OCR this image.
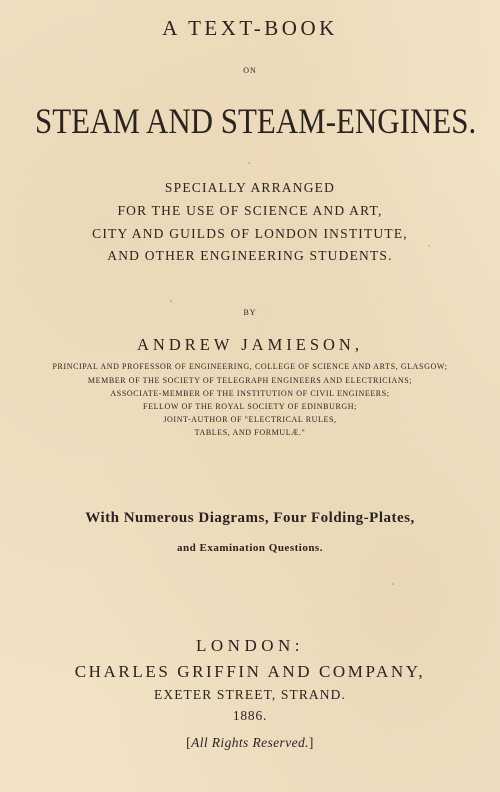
A TEXT-BOOK
ON
STEAM AND STEAM-ENGINES.
SPECIALLY ARRANGED
FOR THE USE OF SCIENCE AND ART,
CITY AND GUILDS OF LONDON INSTITUTE,
AND OTHER ENGINEERING STUDENTS.
BY
ANDREW JAMIESON,
PRINCIPAL AND PROFESSOR OF ENGINEERING, COLLEGE OF SCIENCE AND ARTS, GLASGOW;
MEMBER OF THE SOCIETY OF TELEGRAPH ENGINEERS AND ELECTRICIANS;
ASSOCIATE-MEMBER OF THE INSTITUTION OF CIVIL ENGINEERS;
FELLOW OF THE ROYAL SOCIETY OF EDINBURGH;
JOINT-AUTHOR OF "ELECTRICAL RULES,
TABLES, AND FORMULÆ."
With Numerous Diagrams, Four Folding-Plates,
and Examination Questions.
LONDON:
CHARLES GRIFFIN AND COMPANY,
EXETER STREET, STRAND.
1886.
[All Rights Reserved.]
